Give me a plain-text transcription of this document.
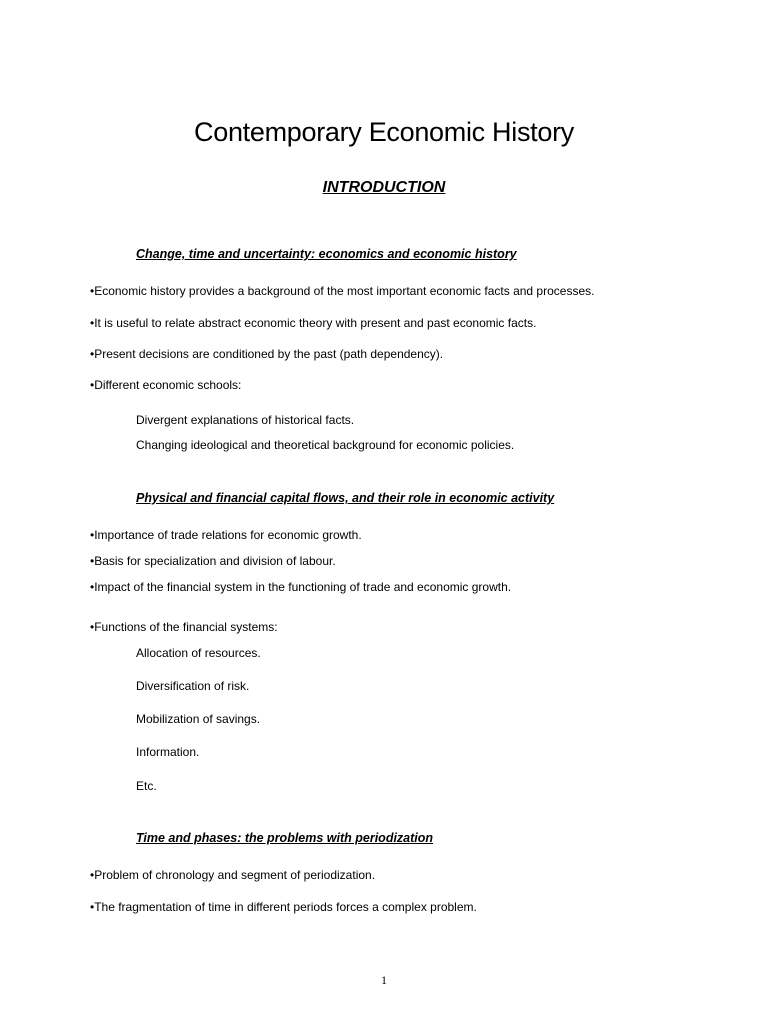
Contemporary Economic History
INTRODUCTION

Change, time and uncertainty: economics and economic history

•Economic history provides a background of the most important economic facts and processes.

•It is useful to relate abstract economic theory with present and past economic facts.

•Present decisions are conditioned by the past (path dependency).

•Different economic schools:

Divergent explanations of historical facts.

Changing ideological and theoretical background for economic policies.

Physical and financial capital flows, and their role in economic activity

•Importance of trade relations for economic growth.

•Basis for specialization and division of labour.

•Impact of the financial system in the functioning of trade and economic growth.

•Functions of the financial systems:

Allocation of resources.

Diversification of risk.

Mobilization of savings.

Information.

Etc.

Time and phases: the problems with periodization

•Problem of chronology and segment of periodization.

•The fragmentation of time in different periods forces a complex problem.

1
